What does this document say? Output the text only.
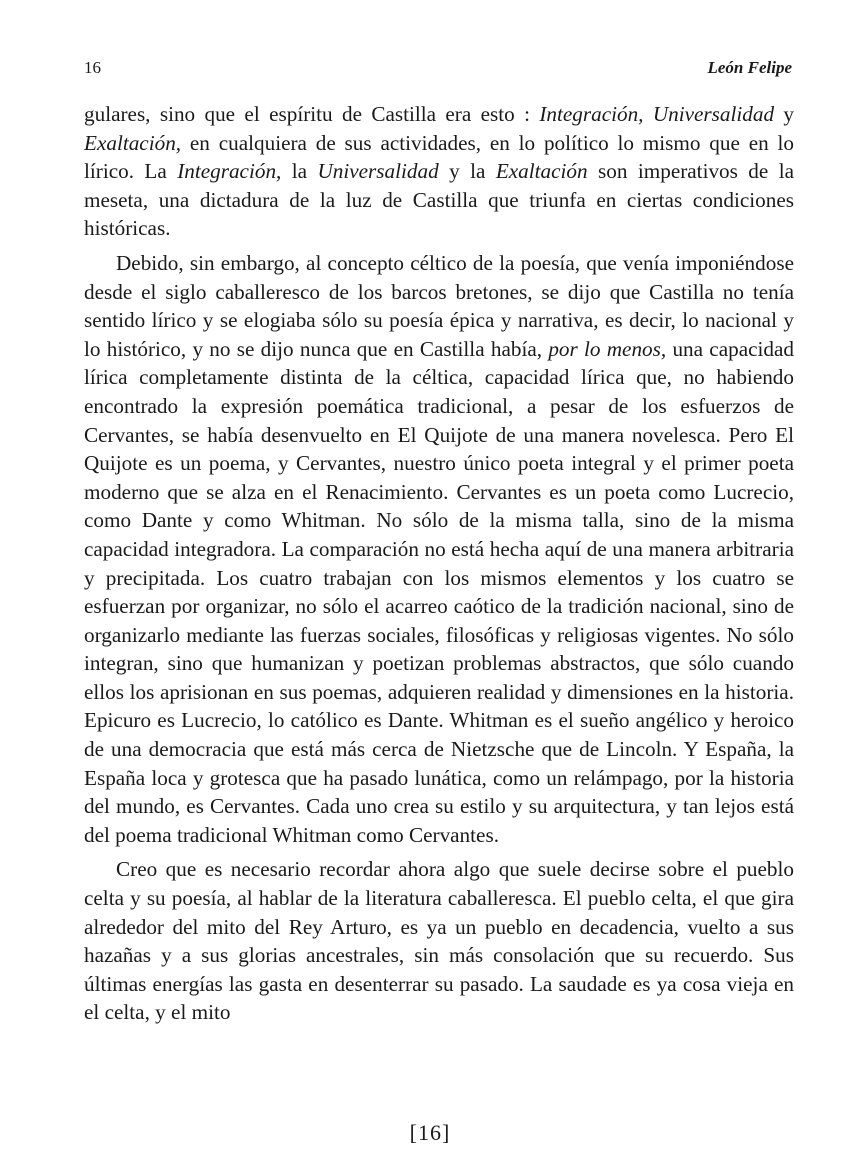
16	León Felipe

gulares, sino que el espíritu de Castilla era esto : Integración, Universalidad y Exaltación, en cualquiera de sus actividades, en lo político lo mismo que en lo lírico. La Integración, la Universalidad y la Exaltación son imperativos de la meseta, una dictadura de la luz de Castilla que triunfa en ciertas condiciones históricas.

Debido, sin embargo, al concepto céltico de la poesía, que venía imponiéndose desde el siglo caballeresco de los barcos bretones, se dijo que Castilla no tenía sentido lírico y se elogiaba sólo su poesía épica y narrativa, es decir, lo nacional y lo histórico, y no se dijo nunca que en Castilla había, por lo menos, una capacidad lírica completamente distinta de la céltica, capacidad lírica que, no habiendo encontrado la expresión poemática tradicional, a pesar de los esfuerzos de Cervantes, se había desenvuelto en El Quijote de una manera novelesca. Pero El Quijote es un poema, y Cervantes, nuestro único poeta integral y el primer poeta moderno que se alza en el Renacimiento. Cervantes es un poeta como Lucrecio, como Dante y como Whitman. No sólo de la misma talla, sino de la misma capacidad integradora. La comparación no está hecha aquí de una manera arbitraria y precipitada. Los cuatro trabajan con los mismos elementos y los cuatro se esfuerzan por organizar, no sólo el acarreo caótico de la tradición nacional, sino de organizarlo mediante las fuerzas sociales, filosóficas y religiosas vigentes. No sólo integran, sino que humanizan y poetizan problemas abstractos, que sólo cuando ellos los aprisionan en sus poemas, adquieren realidad y dimensiones en la historia. Epicuro es Lucrecio, lo católico es Dante. Whitman es el sueño angélico y heroico de una democracia que está más cerca de Nietzsche que de Lincoln. Y España, la España loca y grotesca que ha pasado lunática, como un relámpago, por la historia del mundo, es Cervantes. Cada uno crea su estilo y su arquitectura, y tan lejos está del poema tradicional Whitman como Cervantes.

Creo que es necesario recordar ahora algo que suele decirse sobre el pueblo celta y su poesía, al hablar de la literatura caballeresca. El pueblo celta, el que gira alrededor del mito del Rey Arturo, es ya un pueblo en decadencia, vuelto a sus hazañas y a sus glorias ancestrales, sin más consolación que su recuerdo. Sus últimas energías las gasta en desenterrar su pasado. La saudade es ya cosa vieja en el celta, y el mito

[16]
